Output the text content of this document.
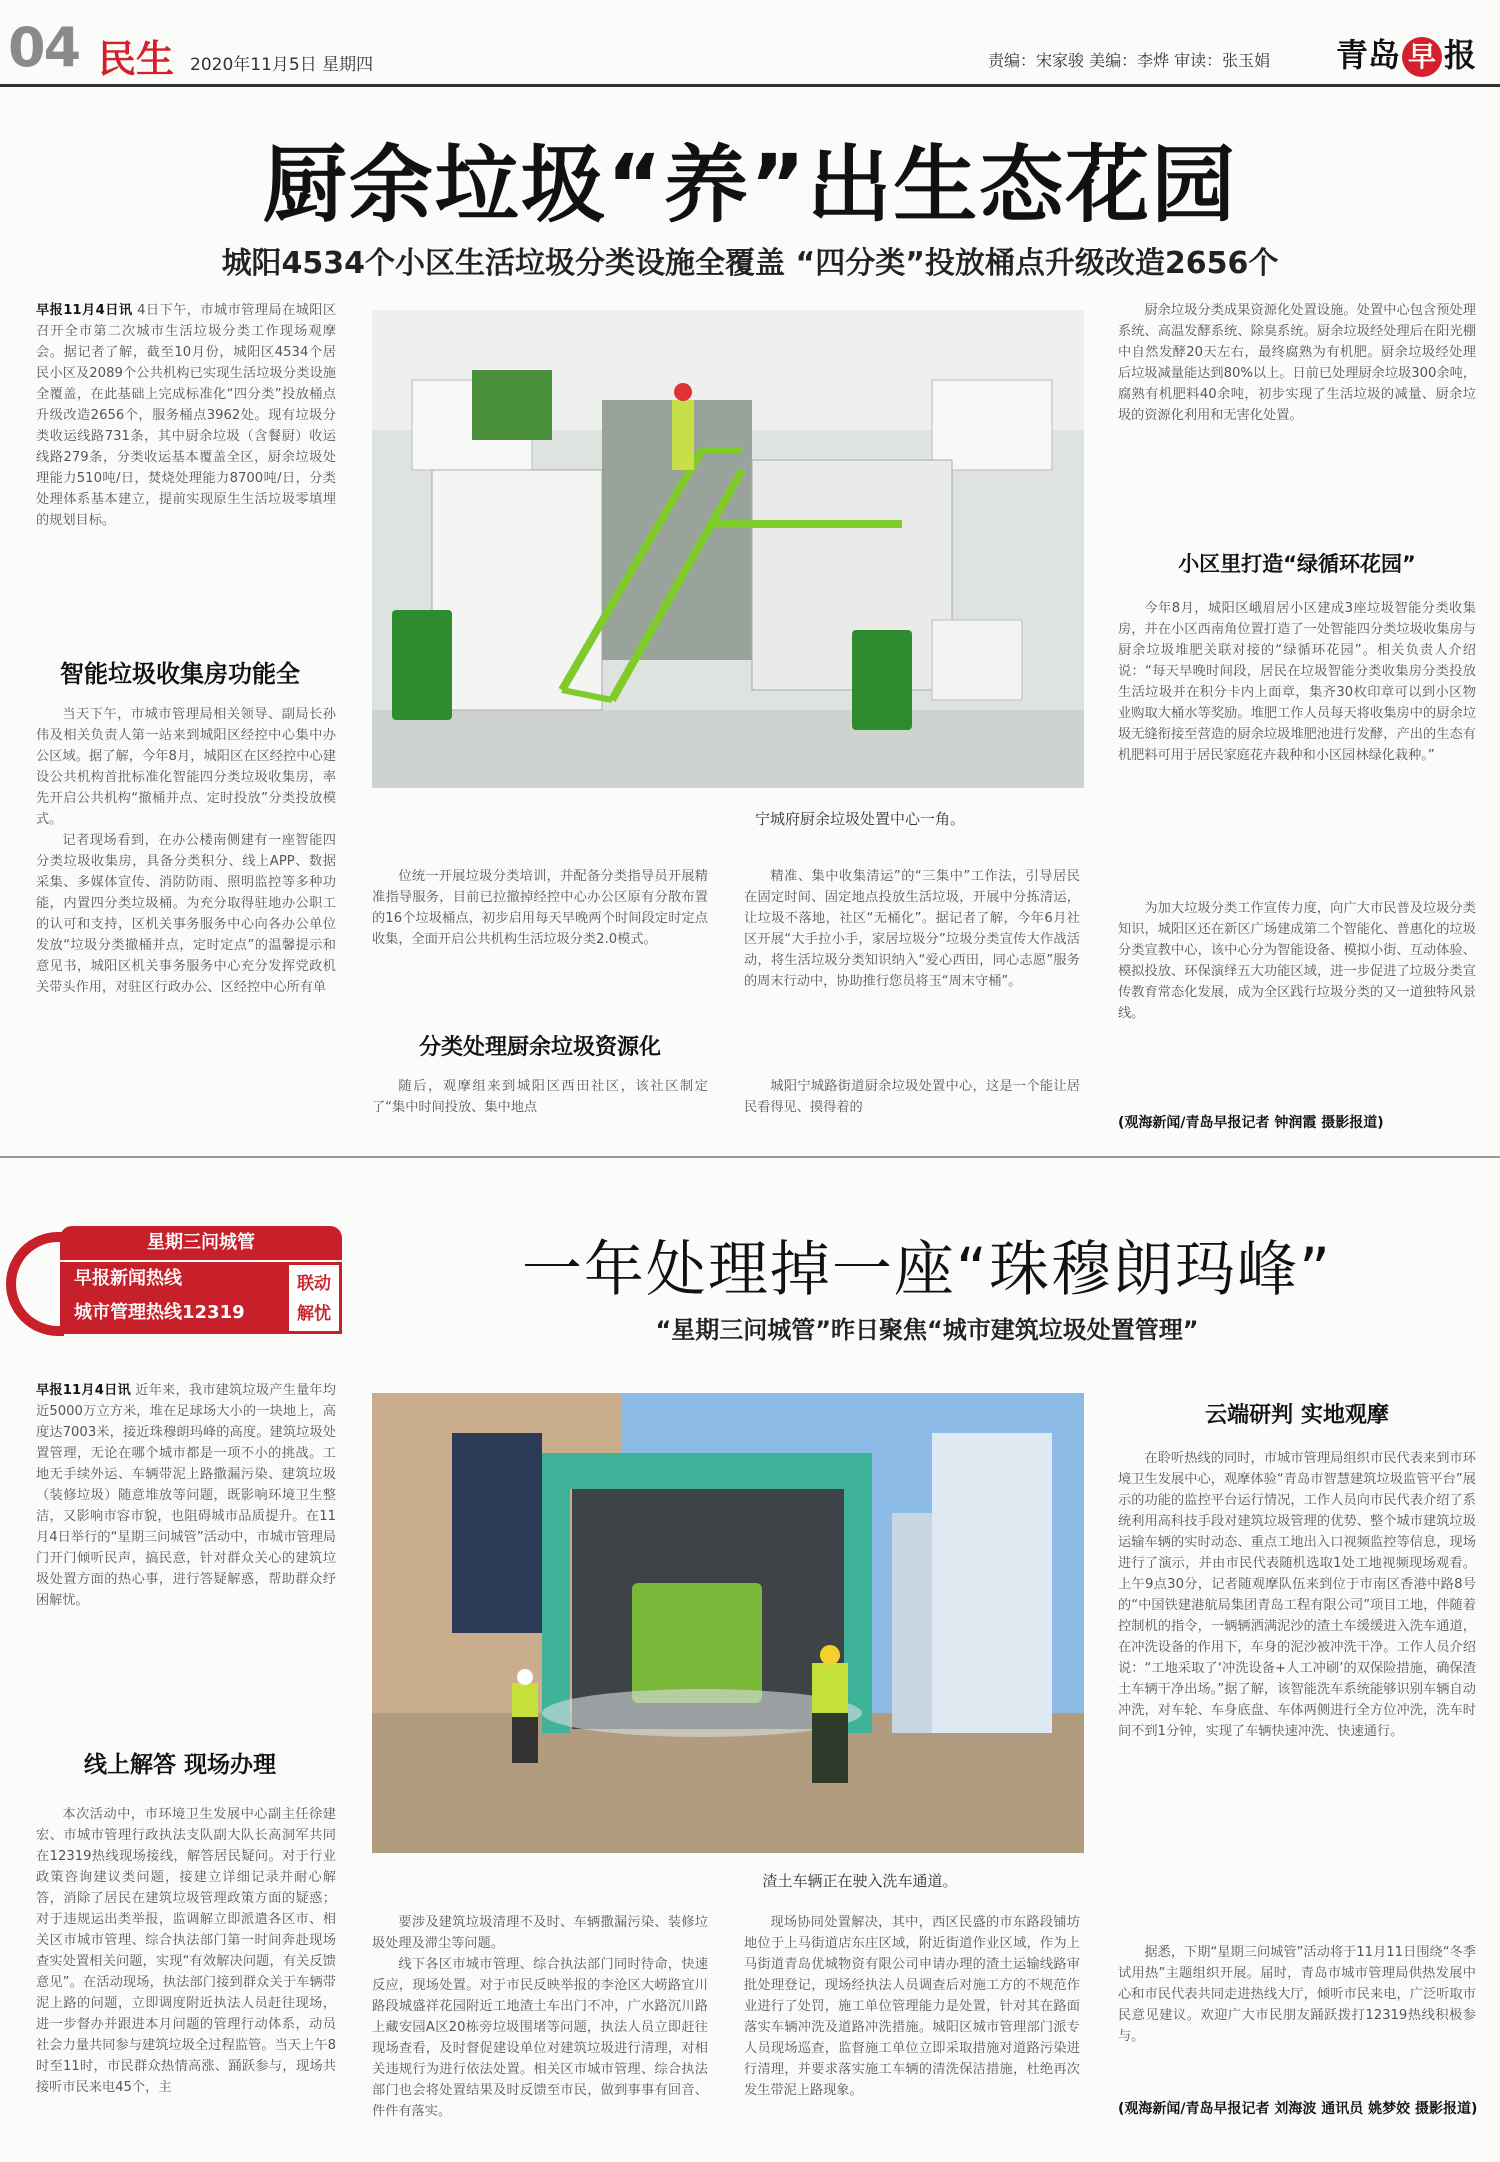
04 民生 2020年11月5日 星期四	责编：宋家骏 美编：李烨 审读：张玉娟 青岛 早 报
厨余垃圾“养”出生态花园
城阳4534个小区生活垃圾分类设施全覆盖 “四分类”投放桶点升级改造2656个

早报11月4日讯 4日下午，市城市管理局在城阳区召开全市第二次城市生活垃圾分类工作现场观摩会。据记者了解，截至10月份，城阳区4534个居民小区及2089个公共机构已实现生活垃圾分类设施全覆盖，在此基础上完成标准化“四分类”投放桶点升级改造2656个，服务桶点3962处。现有垃圾分类收运线路731条，其中厨余垃圾（含餐厨）收运线路279条，分类收运基本覆盖全区，厨余垃圾处理能力510吨/日，焚烧处理能力8700吨/日，分类处理体系基本建立，提前实现原生生活垃圾零填埋的规划目标。

智能垃圾收集房功能全

当天下午，市城市管理局相关领导、副局长孙伟及相关负责人第一站来到城阳区经控中心集中办公区域。据了解，今年8月，城阳区在区经控中心建设公共机构首批标准化智能四分类垃圾收集房，率先开启公共机构“撤桶并点、定时投放”分类投放模式。

记者现场看到，在办公楼南侧建有一座智能四分类垃圾收集房，具备分类积分、线上APP、数据采集、多媒体宣传、消防防雨、照明监控等多种功能，内置四分类垃圾桶。为充分取得驻地办公职工的认可和支持，区机关事务服务中心向各办公单位发放“垃圾分类撤桶并点，定时定点”的温馨提示和意见书，城阳区机关事务服务中心充分发挥党政机关带头作用，对驻区行政办公、区经控中心所有单

宁城府厨余垃圾处置中心一角。

位统一开展垃圾分类培训，并配备分类指导员开展精准指导服务，目前已拉撤掉经控中心办公区原有分散布置的16个垃圾桶点，初步启用每天早晚两个时间段定时定点收集，全面开启公共机构生活垃圾分类2.0模式。

分类处理厨余垃圾资源化

随后，观摩组来到城阳区西田社区，该社区制定了“集中时间投放、集中地点

精准、集中收集清运”的“三集中”工作法，引导居民在固定时间、固定地点投放生活垃圾，开展中分拣清运，让垃圾不落地，社区“无桶化”。据记者了解，今年6月社区开展“大手拉小手，家居垃圾分”垃圾分类宣传大作战活动，将生活垃圾分类知识纳入“爱心西田，同心志愿”服务的周末行动中，协助推行您员将玉“周末守桶”。

城阳宁城路街道厨余垃圾处置中心，这是一个能让居民看得见、摸得着的

厨余垃圾分类成果资源化处置设施。处置中心包含预处理系统、高温发酵系统、除臭系统。厨余垃圾经处理后在阳光棚中自然发酵20天左右，最终腐熟为有机肥。厨余垃圾经处理后垃圾减量能达到80%以上。日前已处理厨余垃圾300余吨，腐熟有机肥料40余吨，初步实现了生活垃圾的减量、厨余垃圾的资源化利用和无害化处置。

小区里打造“绿循环花园”

今年8月，城阳区峨眉居小区建成3座垃圾智能分类收集房，并在小区西南角位置打造了一处智能四分类垃圾收集房与厨余垃圾堆肥关联对接的“绿循环花园”。相关负责人介绍说：“每天早晚时间段，居民在垃圾智能分类收集房分类投放生活垃圾并在积分卡内上面章，集齐30枚印章可以到小区物业购取大桶水等奖励。堆肥工作人员每天将收集房中的厨余垃圾无缝衔接至营造的厨余垃圾堆肥池进行发酵，产出的生态有机肥料可用于居民家庭花卉栽种和小区园林绿化栽种。”

为加大垃圾分类工作宣传力度，向广大市民普及垃圾分类知识，城阳区还在新区广场建成第二个智能化、普惠化的垃圾分类宣教中心，该中心分为智能设备、模拟小街、互动体验、模拟投放、环保演绎五大功能区域，进一步促进了垃圾分类宣传教育常态化发展，成为全区践行垃圾分类的又一道独特风景线。

(观海新闻/青岛早报记者 钟润霞 摄影报道)
星期三问城管
早报新闻热线
城市管理热线12319
联动
解忧
一年处理掉一座“珠穆朗玛峰”
“星期三问城管”昨日聚焦“城市建筑垃圾处置管理”

早报11月4日讯 近年来，我市建筑垃圾产生量年均近5000万立方米，堆在足球场大小的一块地上，高度达7003米，接近珠穆朗玛峰的高度。建筑垃圾处置管理，无论在哪个城市都是一项不小的挑战。工地无手续外运、车辆带泥上路撒漏污染、建筑垃圾（装修垃圾）随意堆放等问题，既影响环境卫生整洁，又影响市容市貌，也阻碍城市品质提升。在11月4日举行的“星期三问城管”活动中，市城市管理局门开门倾听民声，搞民意，针对群众关心的建筑垃圾处置方面的热心事，进行答疑解惑，帮助群众纾困解忧。

线上解答 现场办理

本次活动中，市环境卫生发展中心副主任徐建宏、市城市管理行政执法支队副大队长高洞军共同在12319热线现场接线，解答居民疑问。对于行业政策咨询建议类问题，接建立详细记录并耐心解答，消除了居民在建筑垃圾管理政策方面的疑惑；对于违规运出类举报，监调解立即派遣各区市、相关区市城市管理、综合执法部门第一时间奔赴现场查实处置相关问题，实现“有效解决问题，有关反馈意见”。在活动现场，执法部门接到群众关于车辆带泥上路的问题，立即调度附近执法人员赶往现场，进一步督办并跟进本月问题的管理行动体系，动员社会力量共同参与建筑垃圾全过程监管。当天上午8时至11时，市民群众热情高涨、踊跃参与，现场共接听市民来电45个，主

渣土车辆正在驶入洗车通道。

要涉及建筑垃圾清理不及时、车辆撒漏污染、装修垃圾处理及滞尘等问题。

线下各区市城市管理、综合执法部门同时待命，快速反应，现场处置。对于市民反映举报的李沧区大崂路宜川路段城盛祥花园附近工地渣土车出门不冲，广水路沉川路上藏安园A区20栋旁垃圾围堵等问题，执法人员立即赶往现场查看，及时督促建设单位对建筑垃圾进行清理，对相关违规行为进行依法处置。相关区市城市管理、综合执法部门也会将处置结果及时反馈至市民，做到事事有回音、件件有落实。

现场协同处置解决，其中，西区民盛的市东路段铺坊地位于上马街道店东庄区域，附近街道作业区域，作为上马街道青岛优城物资有限公司申请办理的渣土运输线路审批处理登记，现场经执法人员调查后对施工方的不规范作业进行了处罚，施工单位管理能力是处置，针对其在路面落实车辆冲洗及道路冲洗措施。城阳区城市管理部门派专人员现场巡查，监督施工单位立即采取措施对道路污染进行清理，并要求落实施工车辆的清洗保洁措施，杜绝再次发生带泥上路现象。

云端研判 实地观摩

在聆听热线的同时，市城市管理局组织市民代表来到市环境卫生发展中心，观摩体验“青岛市智慧建筑垃圾监管平台”展示的功能的监控平台运行情况，工作人员向市民代表介绍了系统利用高科技手段对建筑垃圾管理的优势、整个城市建筑垃圾运输车辆的实时动态、重点工地出入口视频监控等信息，现场进行了演示，并由市民代表随机选取1处工地视频现场观看。上午9点30分，记者随观摩队伍来到位于市南区香港中路8号的“中国铁建港航局集团青岛工程有限公司”项目工地，伴随着控制机的指令，一辆辆洒满泥沙的渣土车缓缓进入洗车通道，在冲洗设备的作用下，车身的泥沙被冲洗干净。工作人员介绍说：“工地采取了‘冲洗设备+人工冲刷’的双保险措施，确保渣土车辆干净出场。”据了解，该智能洗车系统能够识别车辆自动冲洗，对车轮、车身底盘、车体两侧进行全方位冲洗，洗车时间不到1分钟，实现了车辆快速冲洗、快速通行。

据悉，下期“星期三问城管”活动将于11月11日围绕“冬季试用热”主题组织开展。届时，青岛市城市管理局供热发展中心和市民代表共同走进热线大厅，倾听市民来电，广泛听取市民意见建议。欢迎广大市民朋友踊跃拨打12319热线积极参与。

(观海新闻/青岛早报记者 刘海波 通讯员 姚梦姣 摄影报道)
